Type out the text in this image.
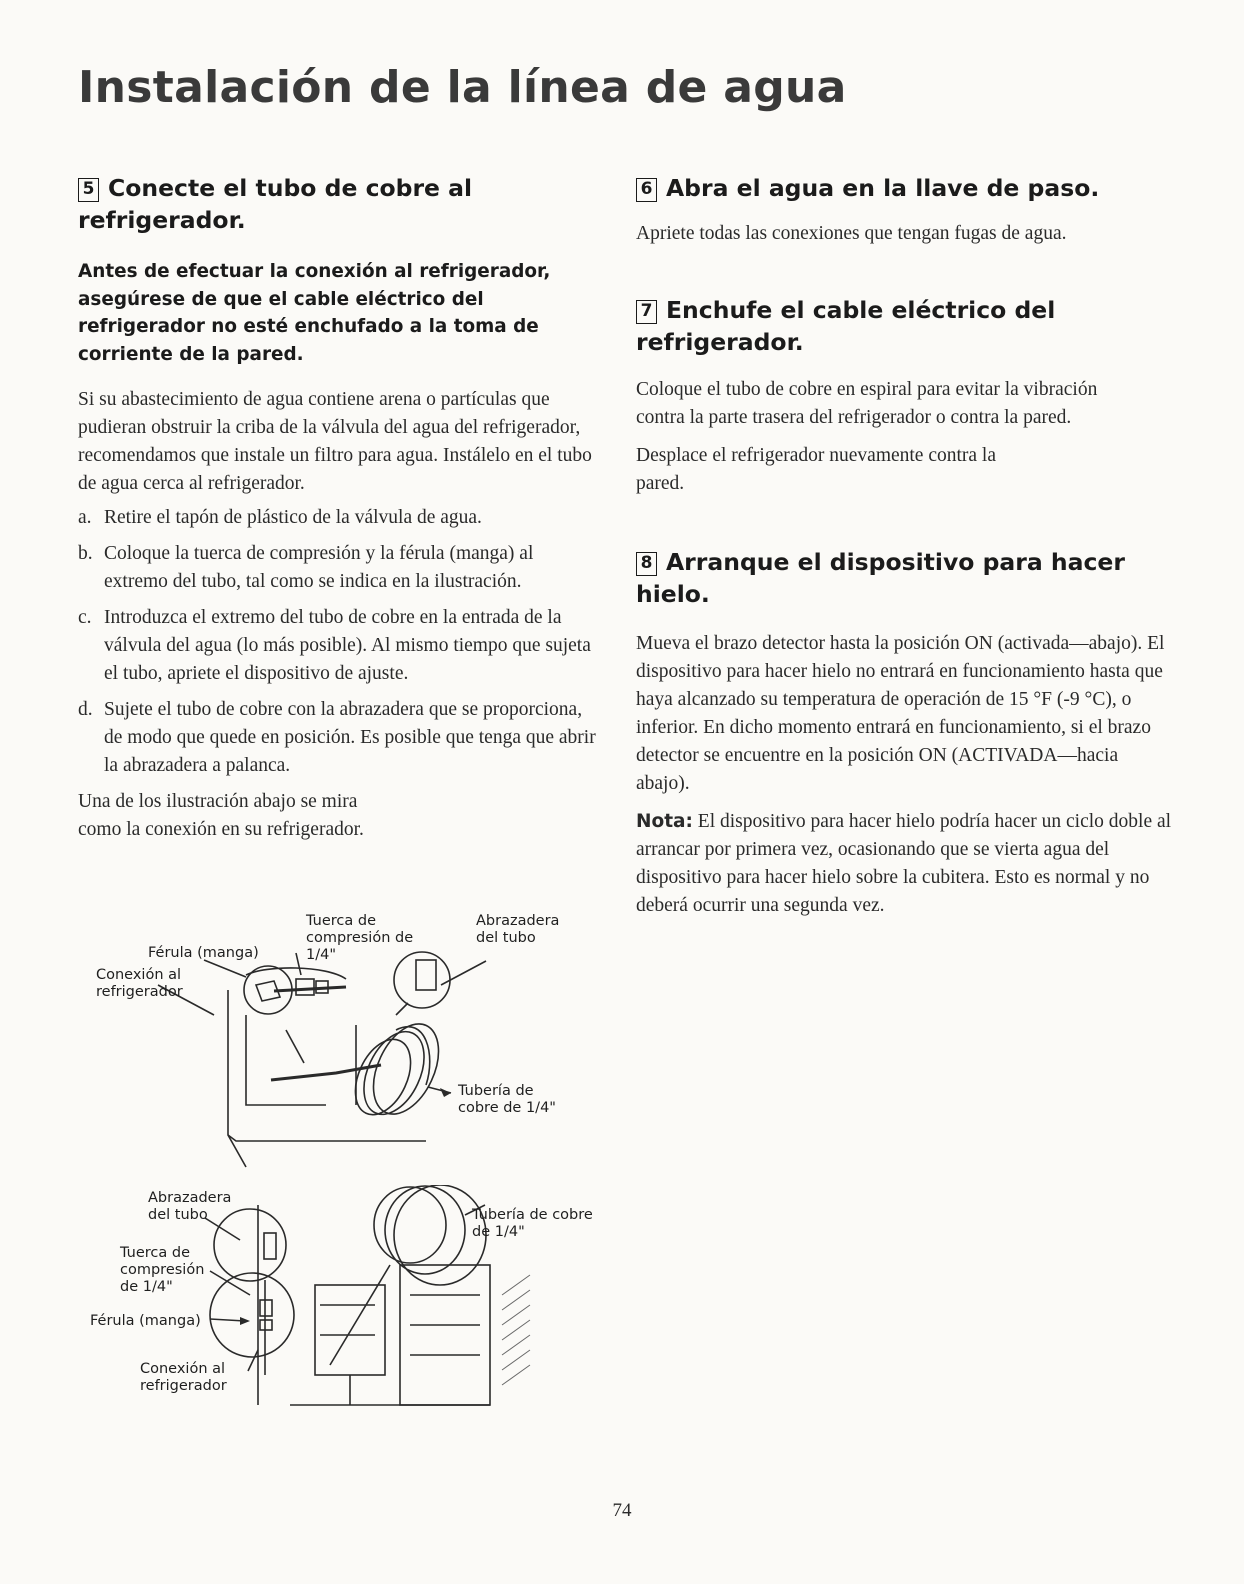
Instalación de la línea de agua
5 Conecte el tubo de cobre al refrigerador.

Antes de efectuar la conexión al refrigerador, asegúrese de que el cable eléctrico del refrigerador no esté enchufado a la toma de corriente de la pared.

Si su abastecimiento de agua contiene arena o partículas que pudieran obstruir la criba de la válvula del agua del refrigerador, recomendamos que instale un filtro para agua. Instálelo en el tubo de agua cerca al refrigerador.

a. Retire el tapón de plástico de la válvula de agua.
b. Coloque la tuerca de compresión y la férula (manga) al extremo del tubo, tal como se indica en la ilustración.
c. Introduzca el extremo del tubo de cobre en la entrada de la válvula del agua (lo más posible). Al mismo tiempo que sujeta el tubo, apriete el dispositivo de ajuste.
d. Sujete el tubo de cobre con la abrazadera que se proporciona, de modo que quede en posición. Es posible que tenga que abrir la abrazadera a palanca.

Una de los ilustración abajo se mira como la conexión en su refrigerador.

Conexión al refrigerador
Férula (manga)
Tuerca de compresión de 1/4"
Abrazadera del tubo
Tubería de cobre de 1/4"
Abrazadera del tubo	Tubería de cobre de 1/4"
Tuerca de compresión de 1/4"
Férula (manga)
Conexión al refrigerador
6 Abra el agua en la llave de paso.

Apriete todas las conexiones que tengan fugas de agua.

7 Enchufe el cable eléctrico del refrigerador.

Coloque el tubo de cobre en espiral para evitar la vibración contra la parte trasera del refrigerador o contra la pared.

Desplace el refrigerador nuevamente contra la pared.

8 Arranque el dispositivo para hacer hielo.

Mueva el brazo detector hasta la posición ON (activada—abajo). El dispositivo para hacer hielo no entrará en funcionamiento hasta que haya alcanzado su temperatura de operación de 15 °F (-9 °C), o inferior. En dicho momento entrará en funcionamiento, si el brazo detector se encuentre en la posición ON (ACTIVADA—hacia abajo).

Nota: El dispositivo para hacer hielo podría hacer un ciclo doble al arrancar por primera vez, ocasionando que se vierta agua del dispositivo para hacer hielo sobre la cubitera. Esto es normal y no deberá ocurrir una segunda vez.

74
